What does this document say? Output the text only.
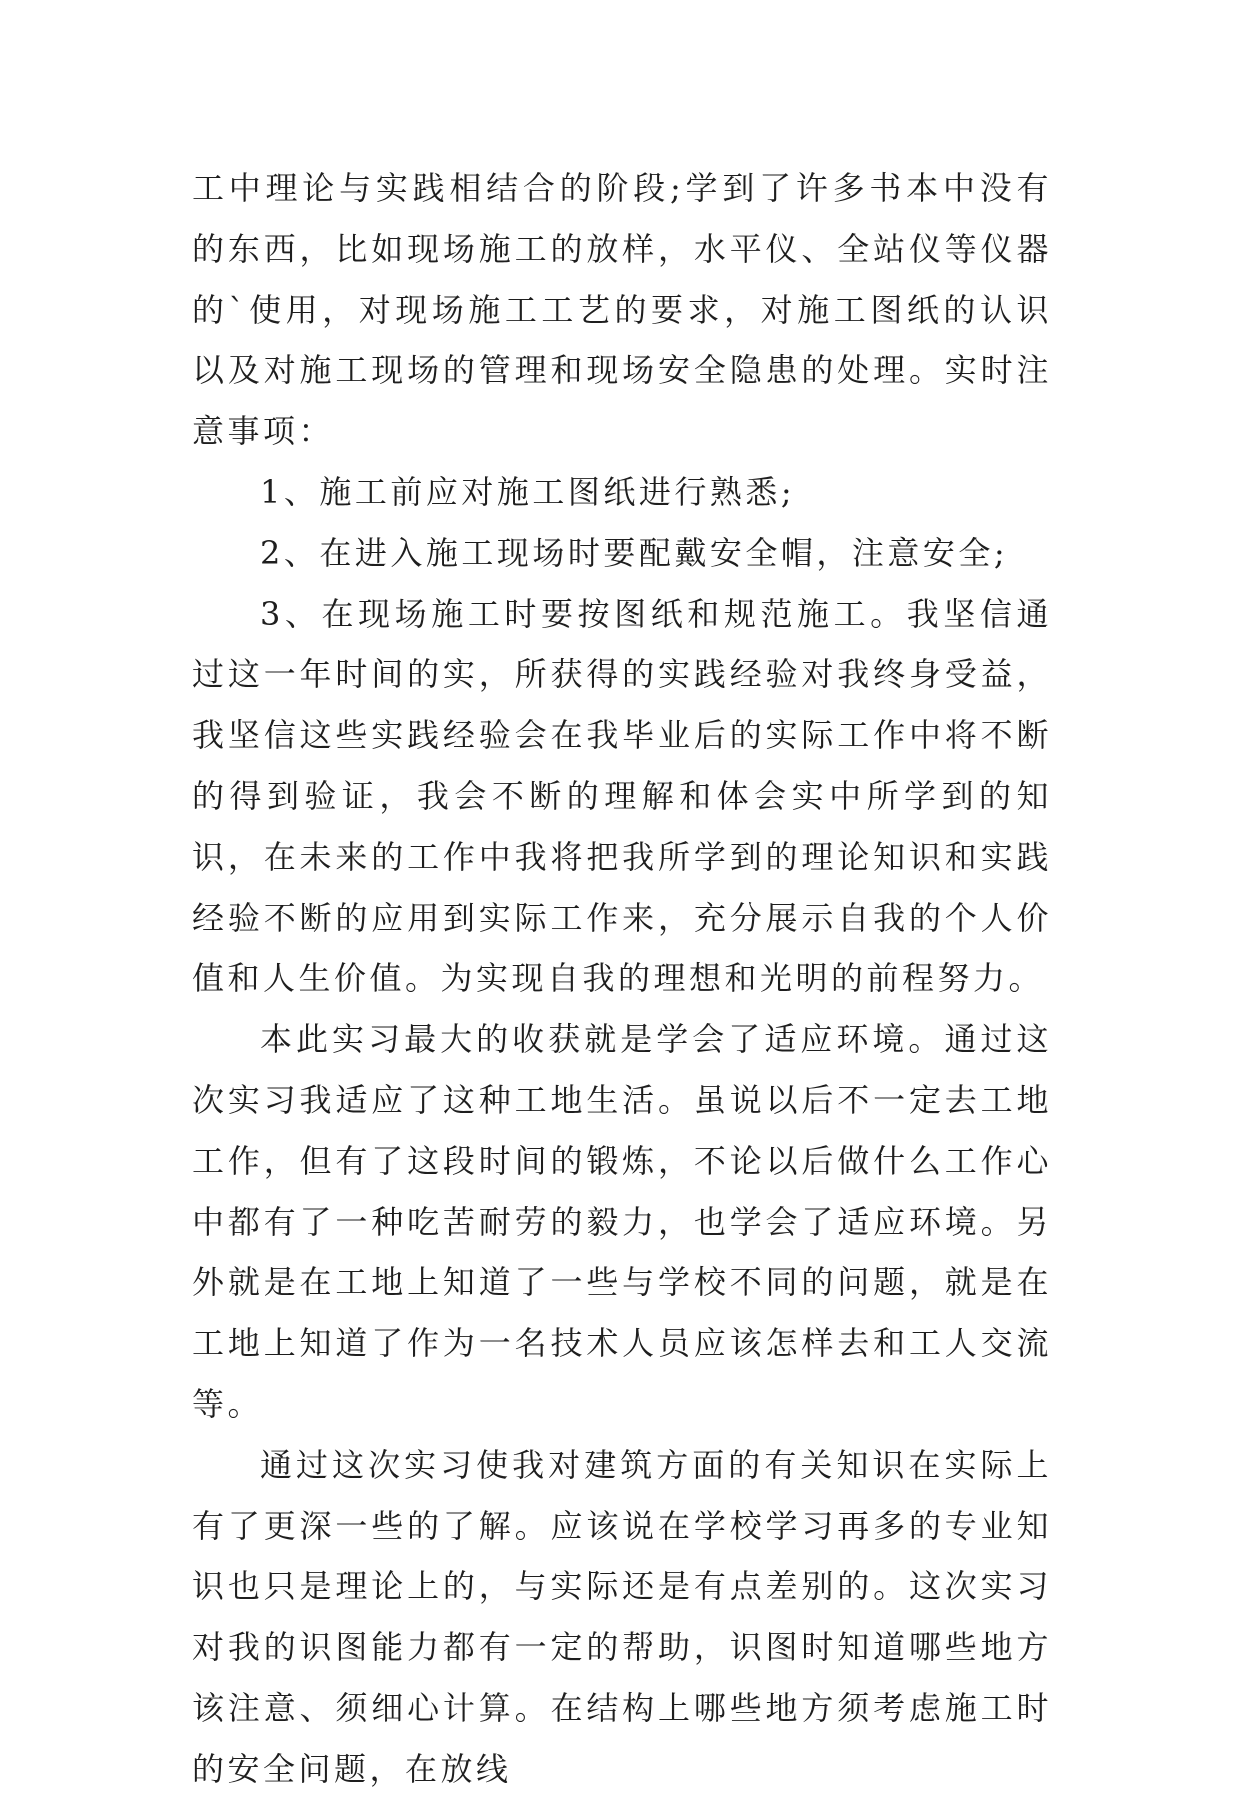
工中理论与实践相结合的阶段;学到了许多书本中没有的东西，比如现场施工的放样，水平仪、全站仪等仪器的`使用，对现场施工工艺的要求，对施工图纸的认识以及对施工现场的管理和现场安全隐患的处理。实时注意事项：

1、施工前应对施工图纸进行熟悉;

2、在进入施工现场时要配戴安全帽，注意安全;

3、在现场施工时要按图纸和规范施工。我坚信通过这一年时间的实，所获得的实践经验对我终身受益，我坚信这些实践经验会在我毕业后的实际工作中将不断的得到验证，我会不断的理解和体会实中所学到的知识，在未来的工作中我将把我所学到的理论知识和实践经验不断的应用到实际工作来，充分展示自我的个人价值和人生价值。为实现自我的理想和光明的前程努力。

本此实习最大的收获就是学会了适应环境。通过这次实习我适应了这种工地生活。虽说以后不一定去工地工作，但有了这段时间的锻炼，不论以后做什么工作心中都有了一种吃苦耐劳的毅力，也学会了适应环境。另外就是在工地上知道了一些与学校不同的问题，就是在工地上知道了作为一名技术人员应该怎样去和工人交流等。

通过这次实习使我对建筑方面的有关知识在实际上有了更深一些的了解。应该说在学校学习再多的专业知识也只是理论上的，与实际还是有点差别的。这次实习对我的识图能力都有一定的帮助，识图时知道哪些地方该注意、须细心计算。在结构上哪些地方须考虑施工时的安全问题，在放线
